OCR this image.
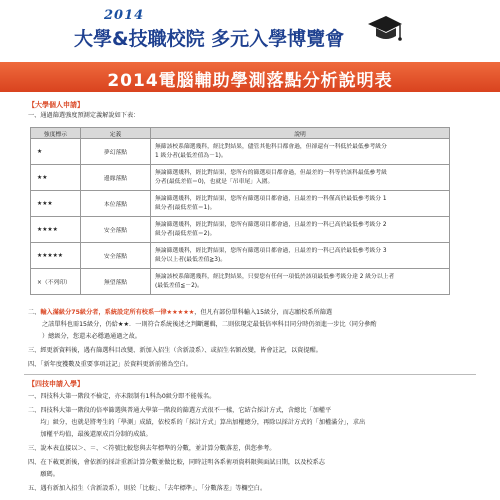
2014
大學&技職校院 多元入學博覽會
2014電腦輔助學測落點分析說明表
【大學個人申請】
一、通過篩選強度預測定義解說如下表：
強度標示	定義	說明
★	夢幻落點	無篩該校系篩選幾科，經比對結果，儘管其他科目都會過，但卻還有一科低於最低參考級分
1 級分者(最低差值為－1)。

★★	邊緣落點	無論篩選幾科，經比對結果，您所有的篩選項目都會過，但最差的一科等於該科最低參考級
分者(最低差值＝0)，也就是「吊車尾」入圍。

★★★	本位落點	無論篩選幾科，經比對結果，您所有篩選項目都會過，且最差的一科僅高於最低參考級分 1
級分者(最低差值＝1)。

★★★★	安全落點	無論篩選幾科，經比對結果，您所有篩選項目都會過，且最差的一科已高於最低參考級分 2
級分者(最低差值＝2)。

★★★★★	安全落點	無論篩選幾科，經比對結果，您所有篩選項目都會過，且最差的一科已高於最低參考級分 3
級分以上者(最低差值≧3)。

×（不列印）	無望落點	無論該校系篩選幾科，經比對結果，只要您有任何一項低於該項最低參考級分達 2 級分以上者
(最低差值≦－2)。
二、輸入滿級分75級分者，系統設定所有校系一律★★★★★，但凡有部份單科輸入15級分，而志願校系所篩選
之該單科也需15級分，仍給★★．一則符合系統後述之判斷邏輯，二則依現定最低倍率科目同分時仍須進一步比（同分參酌
）總級分，您還未必穩過通過之故。
三、經更新資料後，遇有篩選科目改變、新加入招生（含新設系）、或招生名額改變，皆會註記，以資提醒。
四、「新年度獲數及重要事項註記」於資料更新前僅為空白。
【四技申請入學】
一、四技科大第一階段不檢定，亦未限制有1科為0級分即不能報名。
二、四技科大第一階段的倍率篩選與普通大學第一階段的篩選方式很不一樣，它結合採計方式，含總比「加權平
　　均」級分，也就是將考生的「學測」成績，依校系的「採計方式」算出加權總分，再除以採計方式的「加權滿分」，求出
　　加權平均值，最後還原成百分制的成績。
三、說本表直接以＞、＝、＜符號比較您與去年標準的分數，並計算分數落差，供您參考。
四、在下載更新後，會依新的採計重新計算分數並做比較，同時註明各系術項資料限與面試日期，以及校系志
　　願碼。
五、遇有新加入招生（含新設系），則於「比較」、「去年標準」、「分數落差」等欄空白。
